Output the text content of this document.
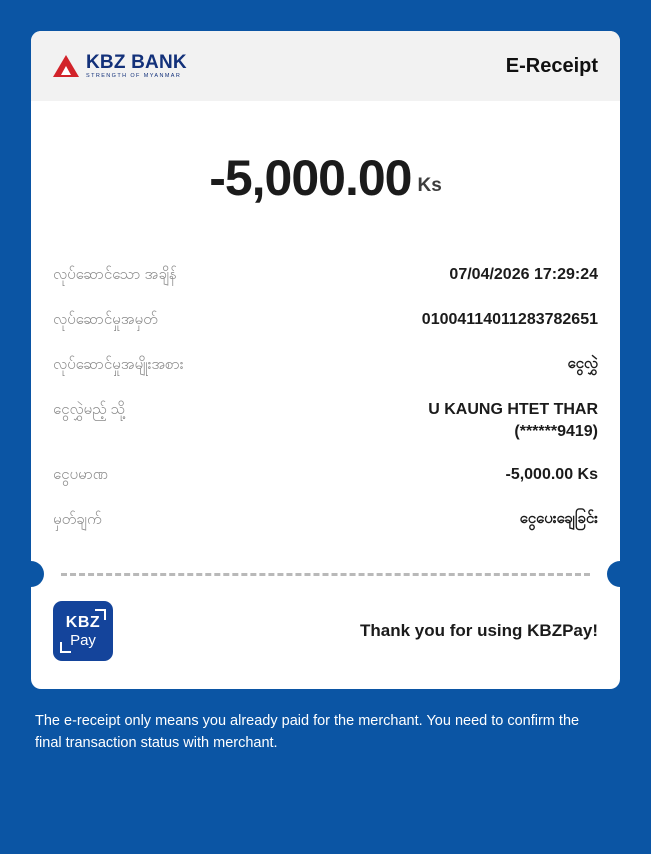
KBZ BANK
STRENGTH OF MYANMAR	E-Receipt
-5,000.00 Ks
လုပ်ဆောင်သော အချိန်	07/04/2026 17:29:24
လုပ်ဆောင်မှုအမှတ်	01004114011283782651
လုပ်ဆောင်မှုအမျိုးအစား	ငွေလွှဲ
ငွေလွှဲမည့် သို့	U KAUNG HTET THAR
(******9419)
ငွေပမာဏ	-5,000.00 Ks
မှတ်ချက်	ငွေပေးချေခြင်း
KBZ
Pay	Thank you for using KBZPay!
The e-receipt only means you already paid for the merchant. You need to confirm the final transaction status with merchant.
